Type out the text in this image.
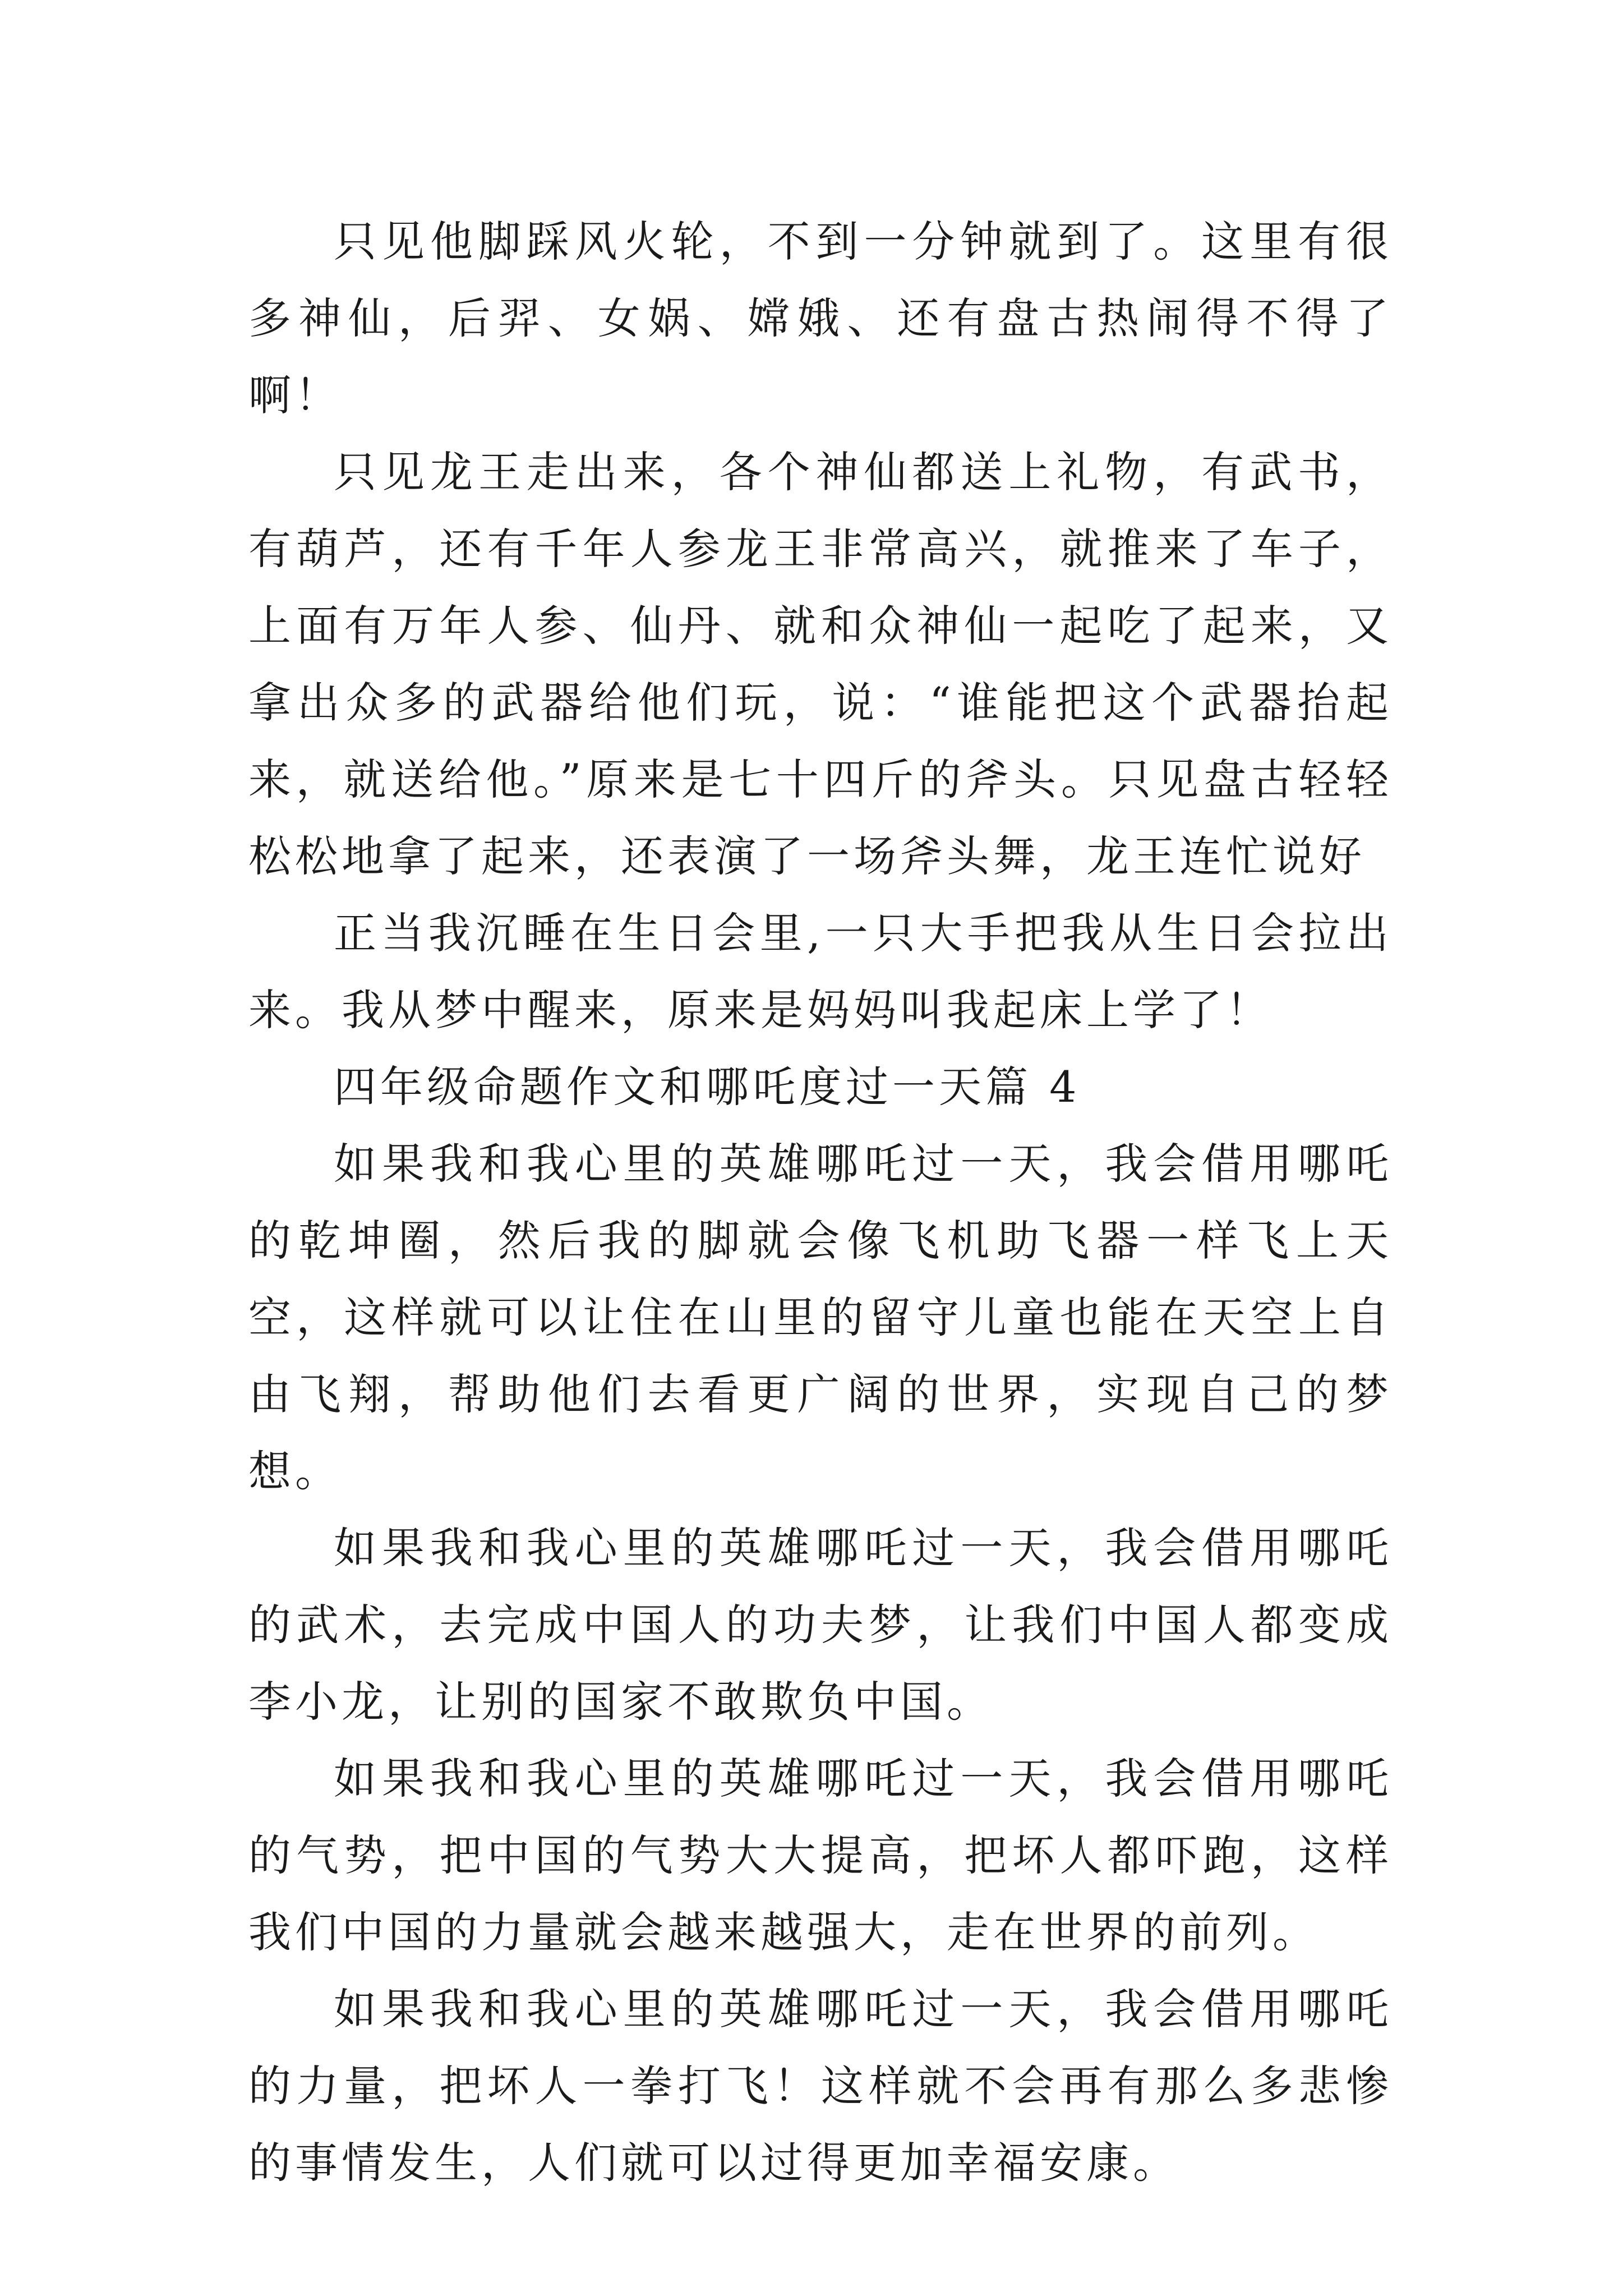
只见他脚踩风火轮，不到一分钟就到了。这里有很多神仙，后羿、女娲、嫦娥、还有盘古热闹得不得了啊！

只见龙王走出来，各个神仙都送上礼物，有武书，有葫芦，还有千年人参龙王非常高兴，就推来了车子，上面有万年人参、仙丹、就和众神仙一起吃了起来，又拿出众多的武器给他们玩，说：“谁能把这个武器抬起来，就送给他。”原来是七十四斤的斧头。只见盘古轻轻松松地拿了起来，还表演了一场斧头舞，龙王连忙说好

正当我沉睡在生日会里,一只大手把我从生日会拉出来。我从梦中醒来，原来是妈妈叫我起床上学了！

四年级命题作文和哪吒度过一天篇 4

如果我和我心里的英雄哪吒过一天，我会借用哪吒的乾坤圈，然后我的脚就会像飞机助飞器一样飞上天空，这样就可以让住在山里的留守儿童也能在天空上自由飞翔，帮助他们去看更广阔的世界，实现自己的梦想。

如果我和我心里的英雄哪吒过一天，我会借用哪吒的武术，去完成中国人的功夫梦，让我们中国人都变成李小龙，让别的国家不敢欺负中国。

如果我和我心里的英雄哪吒过一天，我会借用哪吒的气势，把中国的气势大大提高，把坏人都吓跑，这样我们中国的力量就会越来越强大，走在世界的前列。

如果我和我心里的英雄哪吒过一天，我会借用哪吒的力量，把坏人一拳打飞！这样就不会再有那么多悲惨的事情发生，人们就可以过得更加幸福安康。
